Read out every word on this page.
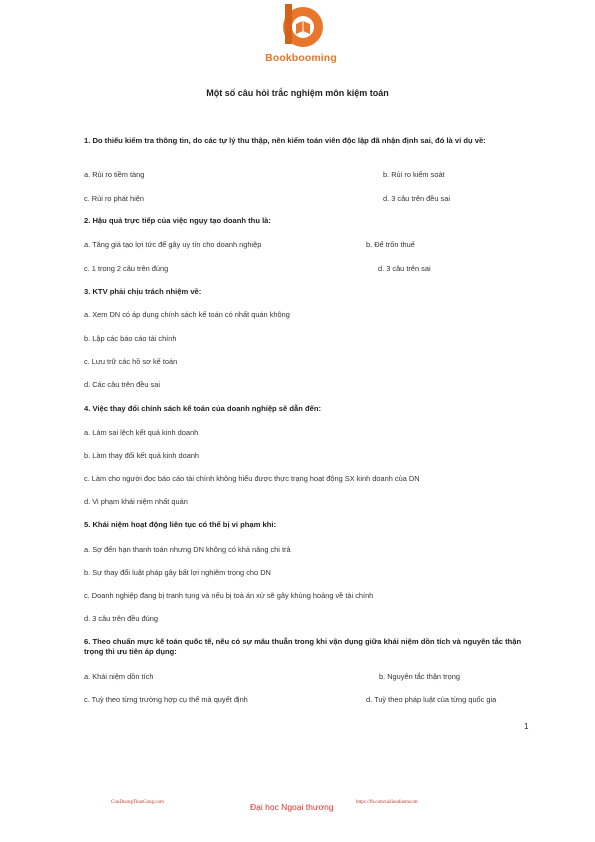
Bookbooming
Một số câu hỏi trắc nghiệm môn kiệm toán
1. Do thiếu kiểm tra thông tin, do các tự lý thu thập, nên kiểm toán viên độc lập đã nhận định sai, đó là ví dụ về:
a. Rủi ro tiềm tàng	b. Rủi ro kiểm soát
c. Rủi ro phát hiện	d. 3 câu trên đều sai
2. Hậu quả trực tiếp của việc ngụy tạo doanh thu là:
a. Tăng giá tạo lợi tức để gây uy tín cho doanh nghiệp	b. Để trốn thuế
c. 1 trong 2 câu trên đúng	d. 3 câu trên sai
3. KTV phải chịu trách nhiệm về:
a. Xem DN có áp dụng chính sách kế toán có nhất quán không
b. Lập các báo cáo tài chính
c. Lưu trữ các hồ sơ kế toán
d. Các câu trên đều sai
4. Việc thay đổi chính sách kế toán của doanh nghiệp sẽ dẫn đến:
a. Làm sai lệch kết quả kinh doanh
b. Làm thay đổi kết quả kinh doanh
c. Làm cho người đọc báo cáo tài chính không hiểu được thực trạng hoạt động SX kinh doanh của DN
d. Vi phạm khái niệm nhất quán
5. Khái niệm hoạt động liên tục có thể bị vi phạm khi:
a. Sợ đến hạn thanh toán nhưng DN không có khả năng chi trả
b. Sự thay đổi luật pháp gây bất lợi nghiêm trọng cho DN
c. Doanh nghiệp đang bị tranh tụng và nếu bị toà án xử sẽ gây khủng hoảng về tài chính
d. 3 câu trên đều đúng
6. Theo chuẩn mực kế toán quốc tế, nếu có sự mâu thuẫn trong khi vận dụng giữa khái niệm dồn tích và nguyên tắc thận trọng thì ưu tiên áp dụng:
a. Khái niệm dồn tích	b. Nguyên tắc thận trọng
c. Tuỳ theo từng trường hợp cụ thể mà quyết định	d. Tuỳ theo pháp luật của từng quốc gia
1
CuuDuongThanCong.com	Đại học Ngoại thương	https://fb.com/tailieudientucntt
